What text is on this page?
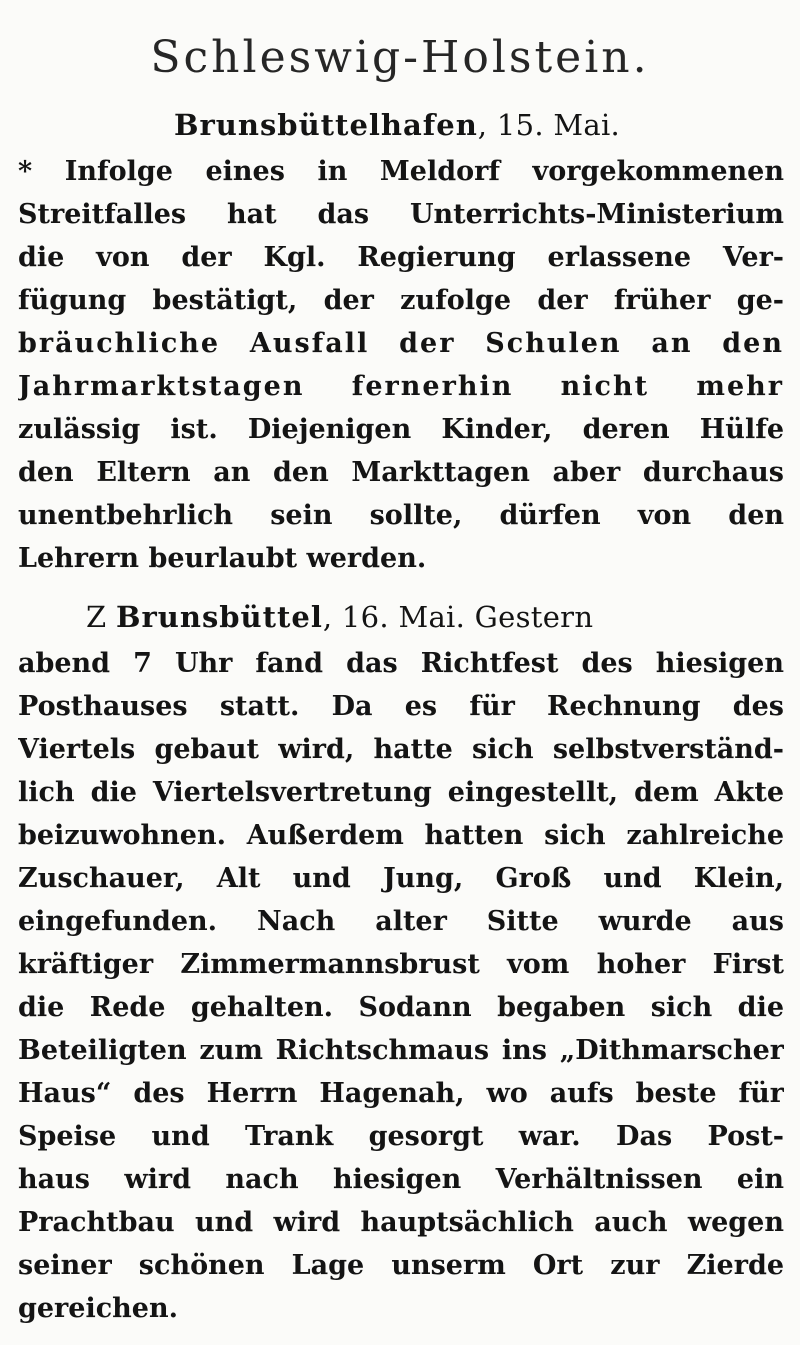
Schleswig-Holstein.
Brunsbüttelhafen, 15. Mai.
* Infolge eines in Meldorf vorgekommenen
Streitfalles hat das Unterrichts-Ministerium
die von der Kgl. Regierung erlassene Ver-
fügung bestätigt, der zufolge der früher ge-
bräuchliche Ausfall der Schulen an den
Jahrmarktstagen fernerhin nicht mehr
zulässig ist. Diejenigen Kinder, deren Hülfe
den Eltern an den Markttagen aber durchaus
unentbehrlich sein sollte, dürfen von den
Lehrern beurlaubt werden.
Z Brunsbüttel, 16. Mai. Gestern
abend 7 Uhr fand das Richtfest des hiesigen
Posthauses statt. Da es für Rechnung des
Viertels gebaut wird, hatte sich selbstverständ-
lich die Viertelsvertretung eingestellt, dem Akte
beizuwohnen. Außerdem hatten sich zahlreiche
Zuschauer, Alt und Jung, Groß und Klein,
eingefunden. Nach alter Sitte wurde aus
kräftiger Zimmermannsbrust vom hoher First
die Rede gehalten. Sodann begaben sich die
Beteiligten zum Richtschmaus ins „Dithmarscher
Haus“ des Herrn Hagenah, wo aufs beste für
Speise und Trank gesorgt war. Das Post-
haus wird nach hiesigen Verhältnissen ein
Prachtbau und wird hauptsächlich auch wegen
seiner schönen Lage unserm Ort zur Zierde
gereichen.
